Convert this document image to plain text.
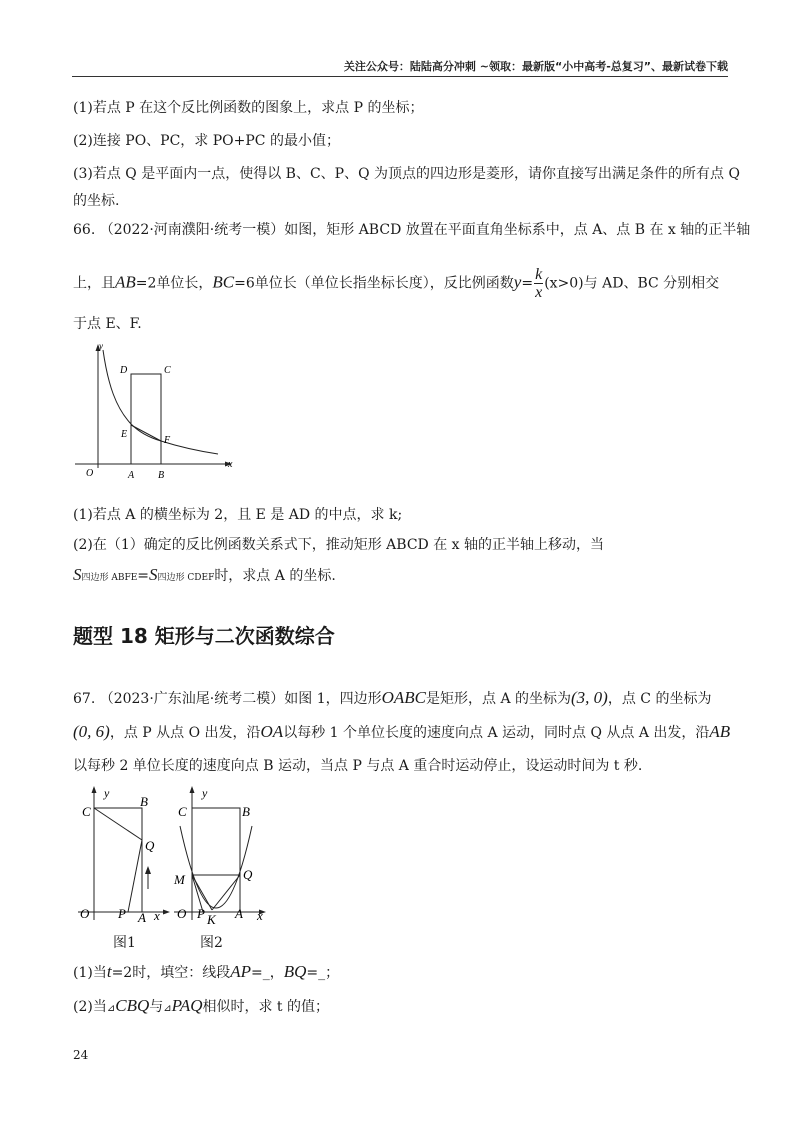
关注公众号：陆陆高分冲刺 ~领取：最新版“小中高考-总复习”、最新试卷下载
(1)若点 P 在这个反比例函数的图象上，求点 P 的坐标；
(2)连接 PO、PC，求 PO+PC 的最小值；
(3)若点 Q 是平面内一点，使得以 B、C、P、Q 为顶点的四边形是菱形，请你直接写出满足条件的所有点 Q
的坐标.
66. （2022·河南濮阳·统考一模）如图，矩形 ABCD 放置在平面直角坐标系中，点 A、点 B 在 x 轴的正半轴
上，且AB=2单位长，BC=6单位长（单位长指坐标长度），反比例函数$y= \frac{k}{x} (x>0)$与 AD、BC 分别相交
于点 E、F.
y
x
O	A B
D	C
E
F
(1)若点 A 的横坐标为 2，且 E 是 AD 的中点，求 k;
(2)在（1）确定的反比例函数关系式下，推动矩形 ABCD 在 x 轴的正半轴上移动，当
S四边形 ABFE=S四边形 CDEF时，求点 A 的坐标.
题型 18 矩形与二次函数综合
67. （2023·广东汕尾·统考二模）如图 1，四边形OABC是矩形，点 A 的坐标为(3, 0)，点 C 的坐标为
(0, 6)，点 P 从点 O 出发，沿OA以每秒 1 个单位长度的速度向点 A 运动，同时点 Q 从点 A 出发，沿AB
以每秒 2 单位长度的速度向点 B 运动，当点 P 与点 A 重合时运动停止，设运动时间为 t 秒.
y
C
B
Q
O P A x
y
C	B
M	Q
O P K A x
图1	图2
(1)当t=2时，填空：线段AP=_，BQ=_；
(2)当⊿CBQ与⊿PAQ相似时，求 t 的值；
24
